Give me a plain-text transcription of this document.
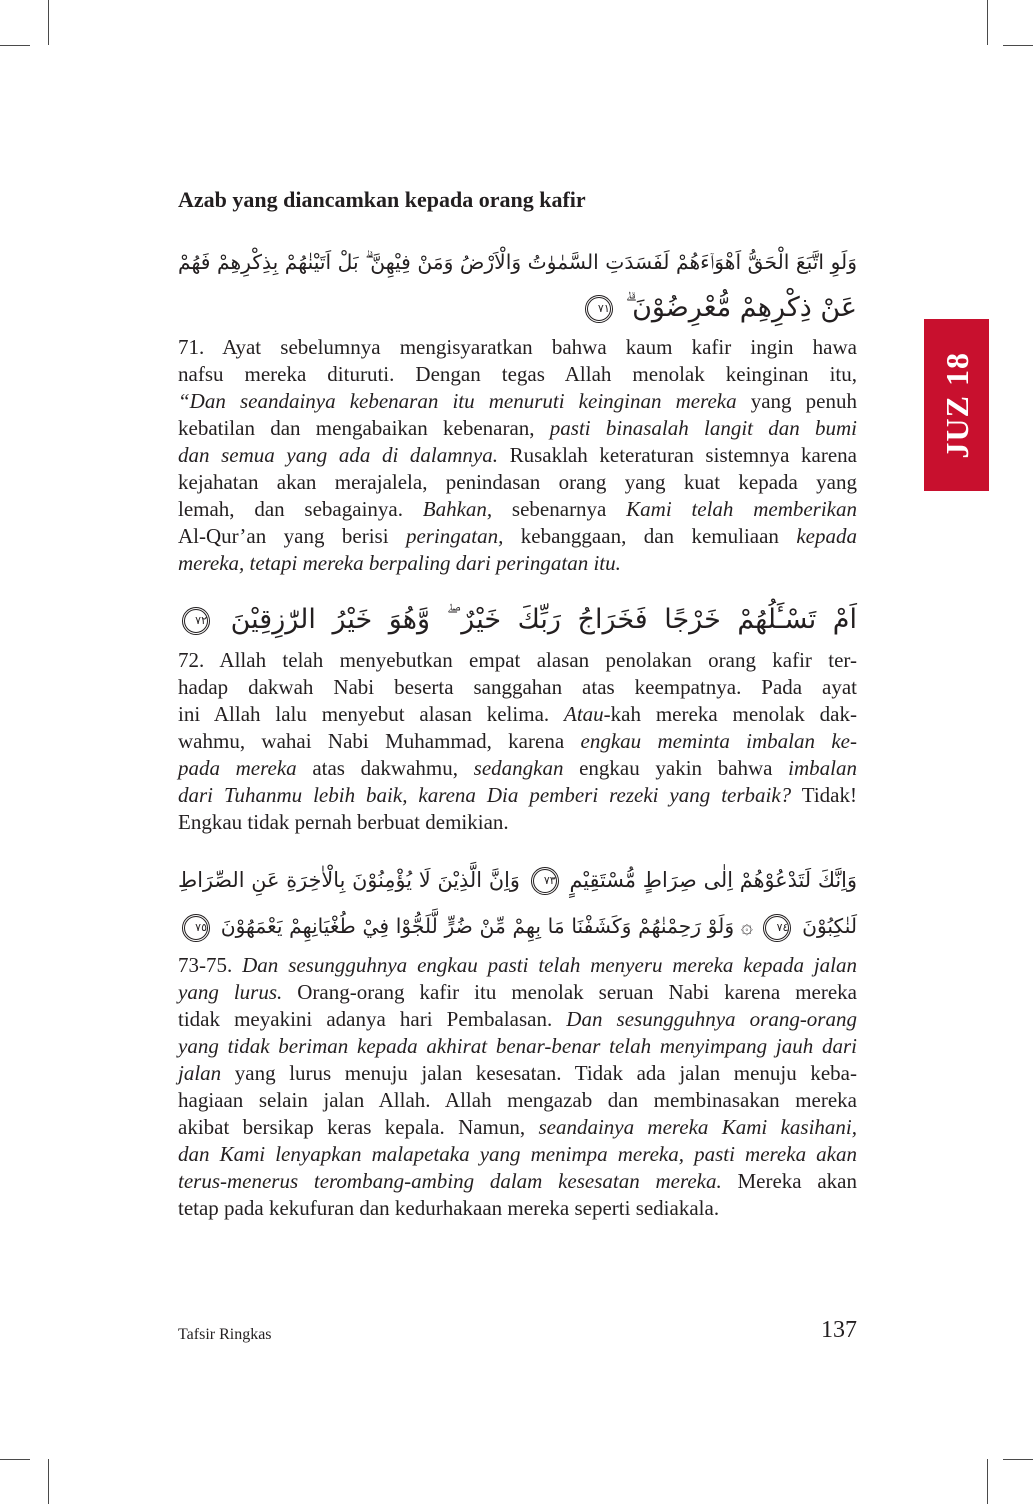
JUZ 18
Azab yang diancamkan kepada orang kafir
وَلَوِ اتَّبَعَ الْحَقُّ اَهْوَاۤءَهُمْ لَفَسَدَتِ السَّمٰوٰتُ وَالْاَرْضُ وَمَنْ فِيْهِنَّ ۗ بَلْ اَتَيْنٰهُمْ بِذِكْرِهِمْ فَهُمْ
عَنْ ذِكْرِهِمْ مُّعْرِضُوْنَ ۗ ٧١
71. Ayat sebelumnya mengisyaratkan bahwa kaum kafir ingin hawa
nafsu mereka dituruti. Dengan tegas Allah menolak keinginan itu,
“Dan seandainya kebenaran itu menuruti keinginan mereka yang penuh
kebatilan dan mengabaikan kebenaran, pasti binasalah langit dan bumi
dan semua yang ada di dalamnya. Rusaklah keteraturan sistemnya karena
kejahatan akan merajalela, penindasan orang yang kuat kepada yang
lemah, dan sebagainya. Bahkan, sebenarnya Kami telah memberikan
Al-Qur’an yang berisi peringatan, kebanggaan, dan kemuliaan kepada
mereka, tetapi mereka berpaling dari peringatan itu.
اَمْ تَسْـَٔلُهُمْ خَرْجًا فَخَرَاجُ رَبِّكَ خَيْرٌ ۖ وَّهُوَ خَيْرُ الرّٰزِقِيْنَ ٧٢
72. Allah telah menyebutkan empat alasan penolakan orang kafir ter-
hadap dakwah Nabi beserta sanggahan atas keempatnya. Pada ayat
ini Allah lalu menyebut alasan kelima. Atau-kah mereka menolak dak-
wahmu, wahai Nabi Muhammad, karena engkau meminta imbalan ke-
pada mereka atas dakwahmu, sedangkan engkau yakin bahwa imbalan
dari Tuhanmu lebih baik, karena Dia pemberi rezeki yang terbaik? Tidak!
Engkau tidak pernah berbuat demikian.
وَاِنَّكَ لَتَدْعُوْهُمْ اِلٰى صِرَاطٍ مُّسْتَقِيْمٍ ٧٣ وَاِنَّ الَّذِيْنَ لَا يُؤْمِنُوْنَ بِالْاٰخِرَةِ عَنِ الصِّرَاطِ
لَنٰكِبُوْنَ ٧٤ ۞ وَلَوْ رَحِمْنٰهُمْ وَكَشَفْنَا مَا بِهِمْ مِّنْ ضُرٍّ لَّلَجُّوْا فِيْ طُغْيَانِهِمْ يَعْمَهُوْنَ ٧٥
73-75. Dan sesungguhnya engkau pasti telah menyeru mereka kepada jalan
yang lurus. Orang-orang kafir itu menolak seruan Nabi karena mereka
tidak meyakini adanya hari Pembalasan. Dan sesungguhnya orang-orang
yang tidak beriman kepada akhirat benar-benar telah menyimpang jauh dari
jalan yang lurus menuju jalan kesesatan. Tidak ada jalan menuju keba-
hagiaan selain jalan Allah. Allah mengazab dan membinasakan mereka
akibat bersikap keras kepala. Namun, seandainya mereka Kami kasihani,
dan Kami lenyapkan malapetaka yang menimpa mereka, pasti mereka akan
terus-menerus terombang-ambing dalam kesesatan mereka. Mereka akan
tetap pada kekufuran dan kedurhakaan mereka seperti sediakala.
Tafsir Ringkas	137
